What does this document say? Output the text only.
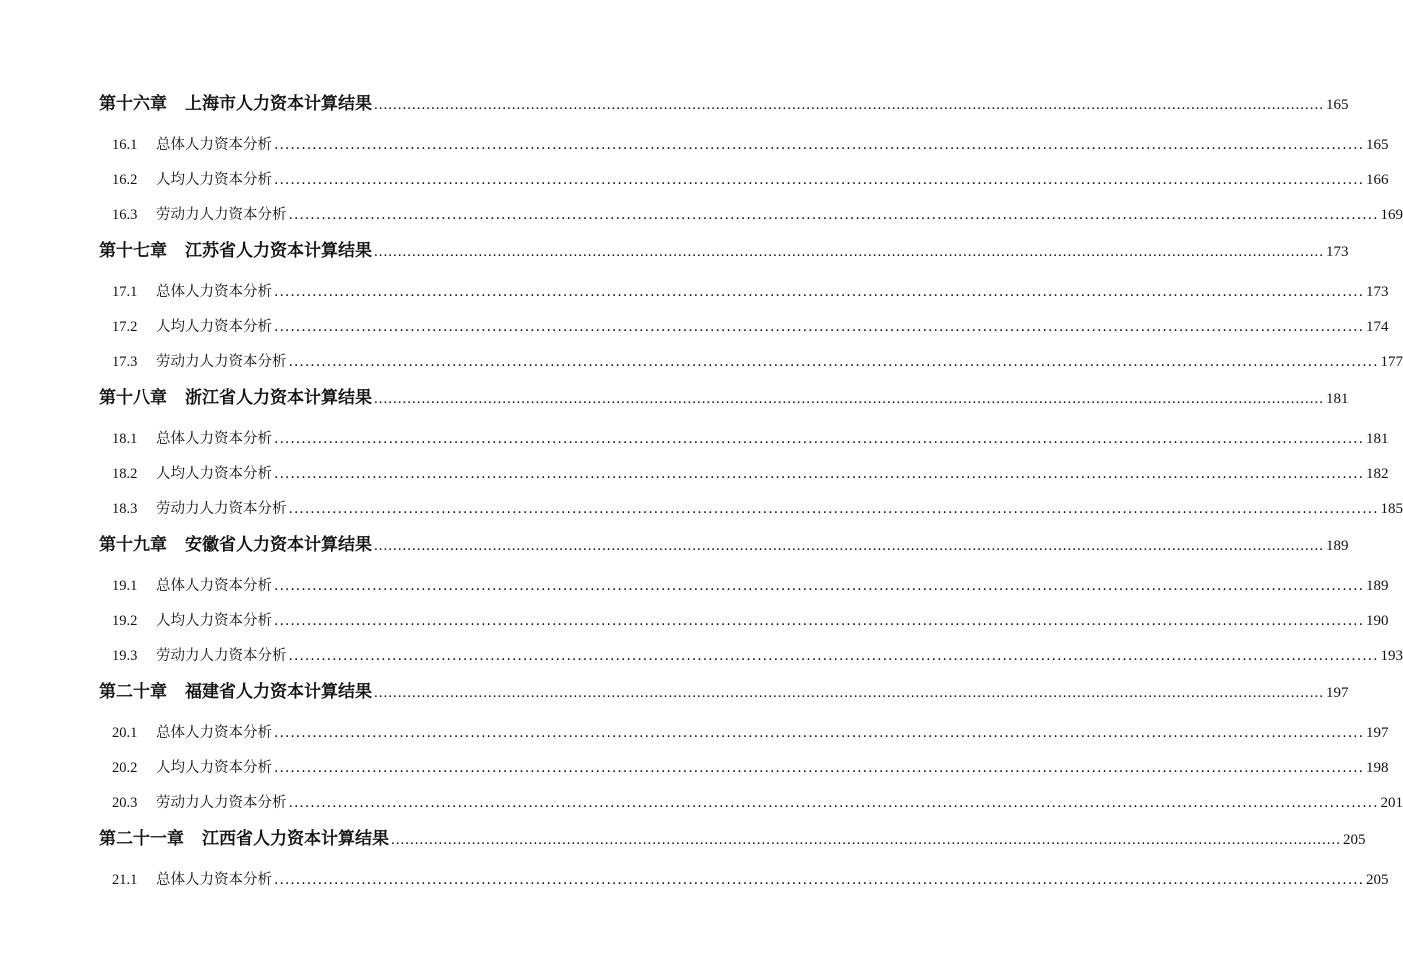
第十六章 上海市人力资本计算结果 ........................................................................................................................................................................................................ 165
16.1	总体人力资本分析 ........................................................................................................................................................................................................ 165
16.2	人均人力资本分析 ........................................................................................................................................................................................................ 166
16.3	劳动力人力资本分析 ........................................................................................................................................................................................................ 169
第十七章 江苏省人力资本计算结果 ........................................................................................................................................................................................................ 173
17.1	总体人力资本分析 ........................................................................................................................................................................................................ 173
17.2	人均人力资本分析 ........................................................................................................................................................................................................ 174
17.3	劳动力人力资本分析 ........................................................................................................................................................................................................ 177
第十八章 浙江省人力资本计算结果 ........................................................................................................................................................................................................ 181
18.1	总体人力资本分析 ........................................................................................................................................................................................................ 181
18.2	人均人力资本分析 ........................................................................................................................................................................................................ 182
18.3	劳动力人力资本分析 ........................................................................................................................................................................................................ 185
第十九章 安徽省人力资本计算结果 ........................................................................................................................................................................................................ 189
19.1	总体人力资本分析 ........................................................................................................................................................................................................ 189
19.2	人均人力资本分析 ........................................................................................................................................................................................................ 190
19.3	劳动力人力资本分析 ........................................................................................................................................................................................................ 193
第二十章 福建省人力资本计算结果 ........................................................................................................................................................................................................ 197
20.1	总体人力资本分析 ........................................................................................................................................................................................................ 197
20.2	人均人力资本分析 ........................................................................................................................................................................................................ 198
20.3	劳动力人力资本分析 ........................................................................................................................................................................................................ 201
第二十一章 江西省人力资本计算结果 ........................................................................................................................................................................................................ 205
21.1	总体人力资本分析 ........................................................................................................................................................................................................ 205
